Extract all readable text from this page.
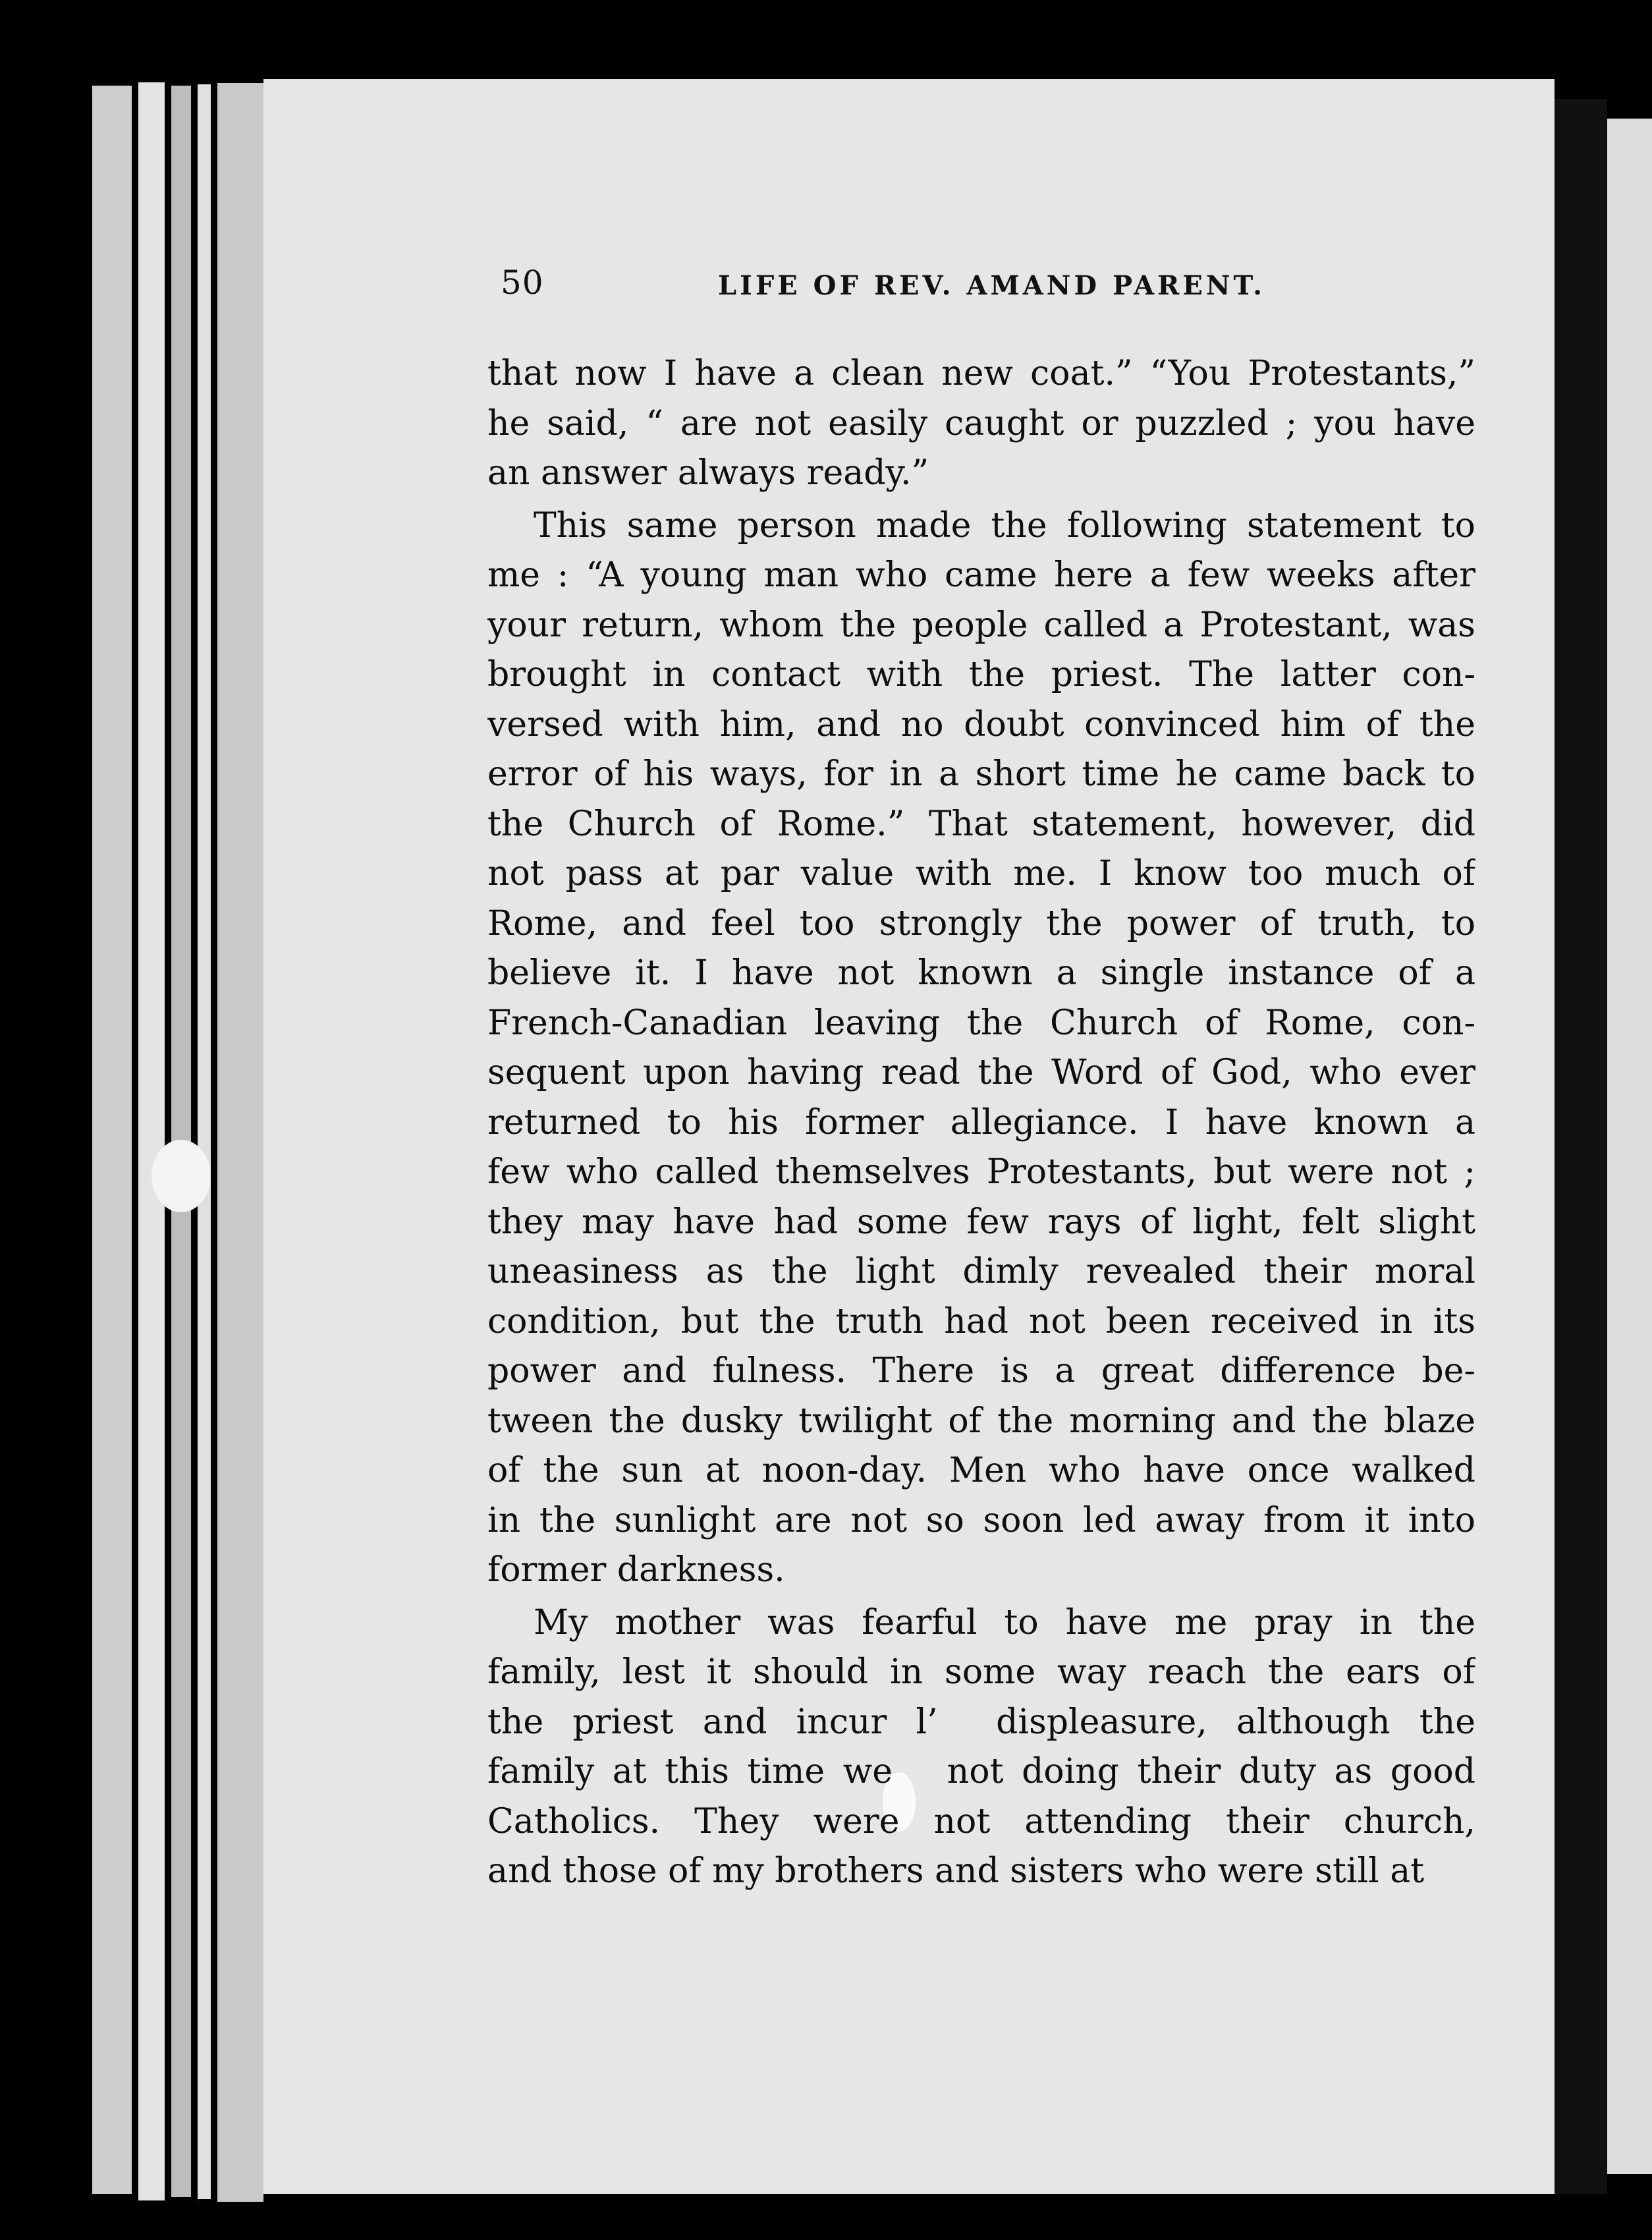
50	LIFE OF REV. AMAND PARENT.
that now I have a clean new coat.” “You Protestants,”
he said, “ are not easily caught or puzzled ; you have
an answer always ready.”
This same person made the following statement to
me : “A young man who came here a few weeks after
your return, whom the people called a Protestant, was
brought in contact with the priest. The latter con-
versed with him, and no doubt convinced him of the
error of his ways, for in a short time he came back to
the Church of Rome.” That statement, however, did
not pass at par value with me. I know too much of
Rome, and feel too strongly the power of truth, to
believe it. I have not known a single instance of a
French-Canadian leaving the Church of Rome, con-
sequent upon having read the Word of God, who ever
returned to his former allegiance. I have known a
few who called themselves Protestants, but were not ;
they may have had some few rays of light, felt slight
uneasiness as the light dimly revealed their moral
condition, but the truth had not been received in its
power and fulness. There is a great difference be-
tween the dusky twilight of the morning and the blaze
of the sun at noon-day. Men who have once walked
in the sunlight are not so soon led away from it into
former darkness.
My mother was fearful to have me pray in the
family, lest it should in some way reach the ears of
the priest and incur l’  displeasure, although the
family at this time we   not doing their duty as good
Catholics. They were not attending their church,
and those of my brothers and sisters who were still at
